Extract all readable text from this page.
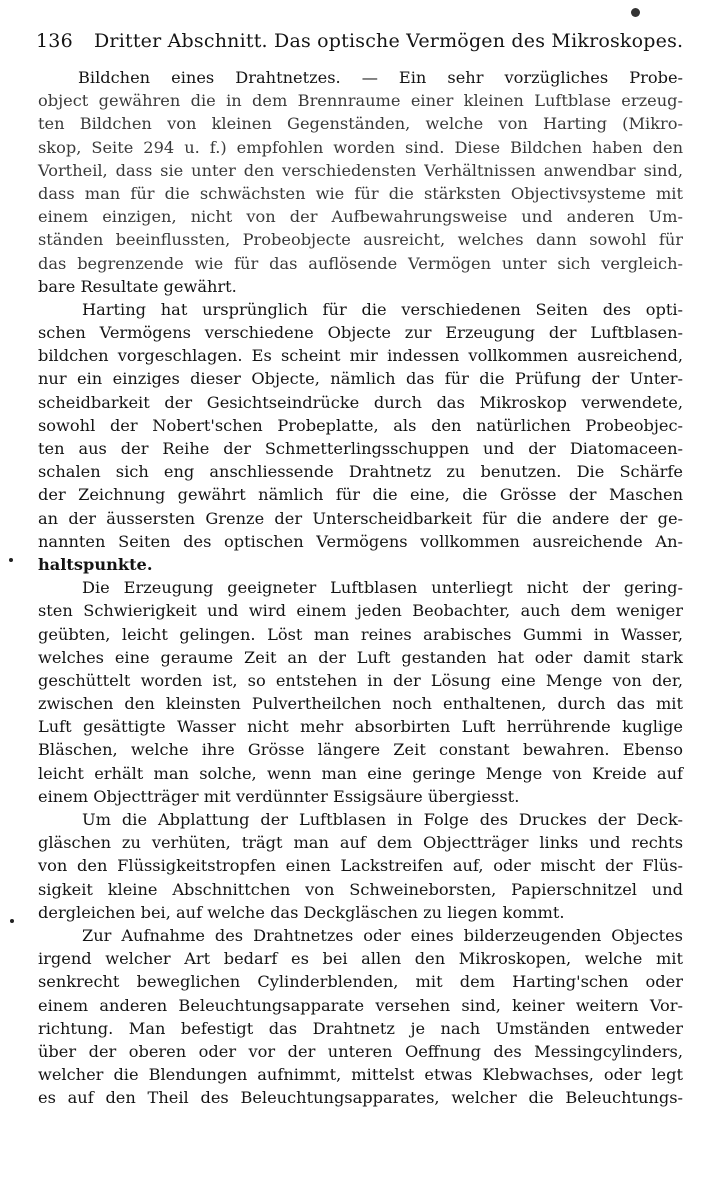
136 Dritter Abschnitt. Das optische Vermögen des Mikroskopes.

Bildchen eines Drahtnetzes. — Ein sehr vorzügliches Probe-
object gewähren die in dem Brennraume einer kleinen Luftblase erzeug-
ten Bildchen von kleinen Gegenständen, welche von Harting (Mikro-
skop, Seite 294 u. f.) empfohlen worden sind. Diese Bildchen haben den
Vortheil, dass sie unter den verschiedensten Verhältnissen anwendbar sind,
dass man für die schwächsten wie für die stärksten Objectivsysteme mit
einem einzigen, nicht von der Aufbewahrungsweise und anderen Um-
ständen beeinflussten, Probeobjecte ausreicht, welches dann sowohl für
das begrenzende wie für das auflösende Vermögen unter sich vergleich-
bare Resultate gewährt.

Harting hat ursprünglich für die verschiedenen Seiten des opti-
schen Vermögens verschiedene Objecte zur Erzeugung der Luftblasen-
bildchen vorgeschlagen. Es scheint mir indessen vollkommen ausreichend,
nur ein einziges dieser Objecte, nämlich das für die Prüfung der Unter-
scheidbarkeit der Gesichtseindrücke durch das Mikroskop verwendete,
sowohl der Nobert'schen Probeplatte, als den natürlichen Probeobjec-
ten aus der Reihe der Schmetterlingsschuppen und der Diatomaceen-
schalen sich eng anschliessende Drahtnetz zu benutzen. Die Schärfe
der Zeichnung gewährt nämlich für die eine, die Grösse der Maschen
an der äussersten Grenze der Unterscheidbarkeit für die andere der ge-
nannten Seiten des optischen Vermögens vollkommen ausreichende An-
haltspunkte.

Die Erzeugung geeigneter Luftblasen unterliegt nicht der gering-
sten Schwierigkeit und wird einem jeden Beobachter, auch dem weniger
geübten, leicht gelingen. Löst man reines arabisches Gummi in Wasser,
welches eine geraume Zeit an der Luft gestanden hat oder damit stark
geschüttelt worden ist, so entstehen in der Lösung eine Menge von der,
zwischen den kleinsten Pulvertheilchen noch enthaltenen, durch das mit
Luft gesättigte Wasser nicht mehr absorbirten Luft herrührende kuglige
Bläschen, welche ihre Grösse längere Zeit constant bewahren. Ebenso
leicht erhält man solche, wenn man eine geringe Menge von Kreide auf
einem Objectträger mit verdünnter Essigsäure übergiesst.

Um die Abplattung der Luftblasen in Folge des Druckes der Deck-
gläschen zu verhüten, trägt man auf dem Objectträger links und rechts
von den Flüssigkeitstropfen einen Lackstreifen auf, oder mischt der Flüs-
sigkeit kleine Abschnittchen von Schweineborsten, Papierschnitzel und
dergleichen bei, auf welche das Deckgläschen zu liegen kommt.

Zur Aufnahme des Drahtnetzes oder eines bilderzeugenden Objectes
irgend welcher Art bedarf es bei allen den Mikroskopen, welche mit
senkrecht beweglichen Cylinderblenden, mit dem Harting'schen oder
einem anderen Beleuchtungsapparate versehen sind, keiner weitern Vor-
richtung. Man befestigt das Drahtnetz je nach Umständen entweder
über der oberen oder vor der unteren Oeffnung des Messingcylinders,
welcher die Blendungen aufnimmt, mittelst etwas Klebwachses, oder legt
es auf den Theil des Beleuchtungsapparates, welcher die Beleuchtungs-
